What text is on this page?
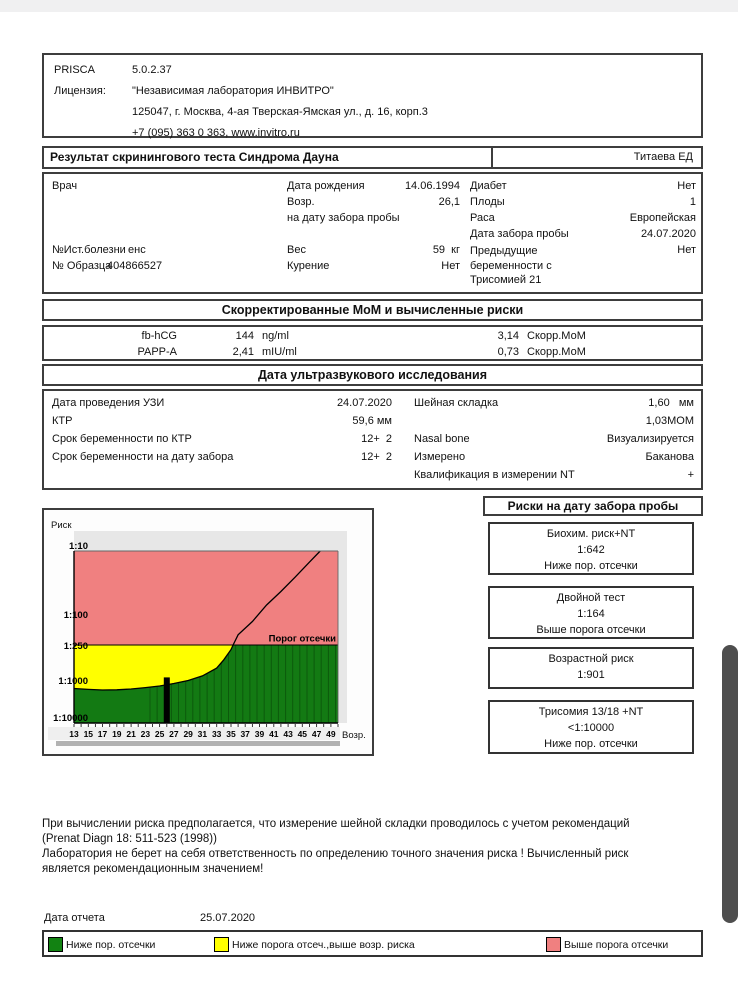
PRISCA	5.0.2.37
Лицензия: "Независимая лаборатория ИНВИТРО"
125047, г. Москва, 4-ая Тверская-Ямская ул., д. 16, корп.3
+7 (095) 363 0 363, www.invitro.ru
Результат скринингового теста Синдрома Дауна	Титаева ЕД
Врач
№Ист.болезни енс
№ Образца
404866527
Дата рождения	14.06.1994
Возр.	26,1
на дату забора пробы
Вес	59  кг
Курение	Нет
Диабет	Нет
Плоды	1
Раса	Европейская
Дата забора пробы	24.07.2020
Предыдущие беременности с Трисомией 21
Нет
Скорректированные МоМ и вычисленные риски
fb-hCG	144 ng/ml	3,14 Скорр.МоМ
PAPP-A	2,41 mIU/ml	0,73 Скорр.МоМ
Дата ультразвукового исследования
Дата проведения УЗИ	24.07.2020
КТР	59,6 мм
Срок беременности по КТР	12+  2
Срок беременности на дату забора	12+  2
Шейная складка	1,60   мм
1,03МОМ
Nasal bone	Визуализируется
Измерено	Баканова
Квалификация в измерении NT	+
13 15 17 19 21 23 25 27 29 31 33 35 37 39 41 43 45 47 49
1:10
1:100
1:250
1:1000
1:10000
Риск
Возр.
Порог отсечки
Риски на дату забора пробы
Биохим. риск+NT
1:642
Ниже пор. отсечки
Двойной тест
1:164
Выше порога отсечки
Возрастной риск
1:901
Трисомия 13/18 +NT
<1:10000
Ниже пор. отсечки
При вычислении риска предполагается, что измерение шейной складки проводилось с учетом рекомендаций
(Prenat Diagn 18: 511-523 (1998))
Лаборатория не берет на себя ответственность по определению точного значения риска ! Вычисленный риск
является рекомендационным значением!
Дата отчета	25.07.2020
Ниже пор. отсечки	Ниже порога отсеч.,выше возр. риска	Выше порога отсечки
